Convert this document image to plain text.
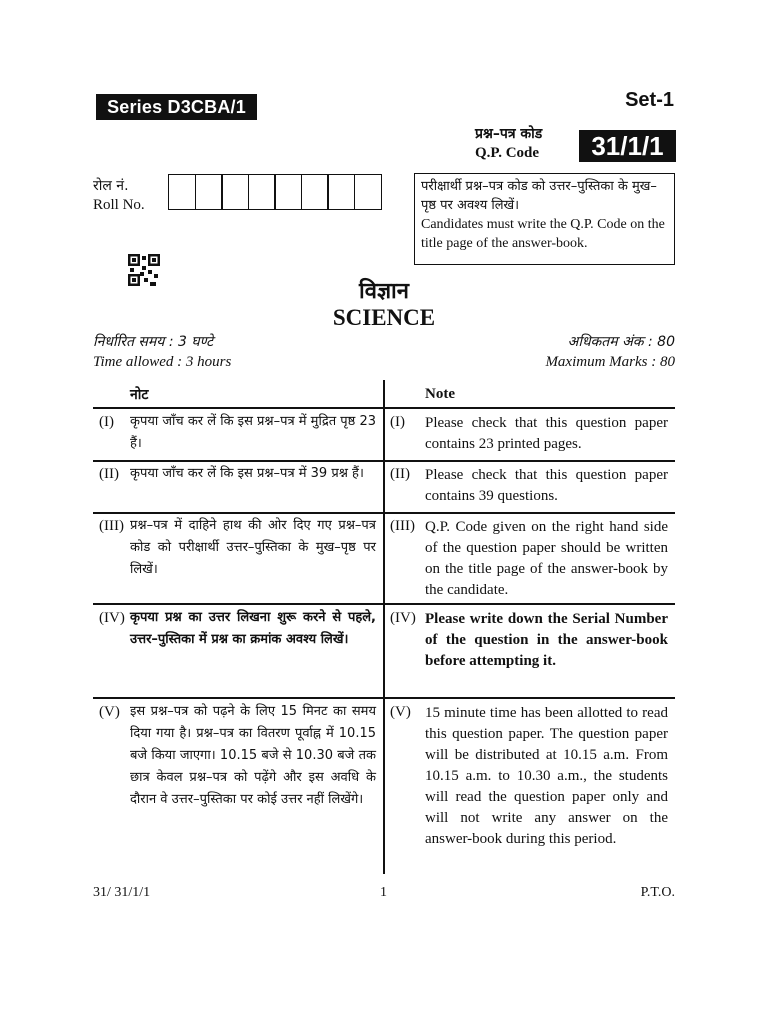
Series D3CBA/1	Set-1
प्रश्न–पत्र कोड
Q.P. Code	31/1/1
रोल नं.
Roll No.
परीक्षार्थी प्रश्न–पत्र कोड को उत्तर–पुस्तिका के मुख–पृष्ठ पर अवश्य लिखें।
Candidates must write the Q.P. Code on the title page of the answer-book.
विज्ञान
SCIENCE
निर्धारित समय : 3 घण्टे
Time allowed : 3 hours
अधिकतम अंक : 80
Maximum Marks : 80
नोट	Note
(I) कृपया जाँच कर लें कि इस प्रश्न–पत्र में मुद्रित पृष्ठ 23 हैं।
(I) Please check that this question paper contains 23 printed pages.
(II) कृपया जाँच कर लें कि इस प्रश्न–पत्र में 39 प्रश्न हैं।	(II) Please check that this question paper contains 39 questions.
(III) प्रश्न–पत्र में दाहिने हाथ की ओर दिए गए प्रश्न–पत्र कोड को परीक्षार्थी उत्तर–पुस्तिका के मुख–पृष्ठ पर लिखें।
(III) Q.P. Code given on the right hand side of the question paper should be written on the title page of the answer-book by the candidate.
(IV) कृपया प्रश्न का उत्तर लिखना शुरू करने से पहले, उत्तर–पुस्तिका में प्रश्न का क्रमांक अवश्य लिखें।
(IV) Please write down the Serial Number of the question in the answer-book before attempting it.
(V) इस प्रश्न–पत्र को पढ़ने के लिए 15 मिनट का समय दिया गया है। प्रश्न–पत्र का वितरण पूर्वाह्न में 10.15 बजे किया जाएगा। 10.15 बजे से 10.30 बजे तक छात्र केवल प्रश्न–पत्र को पढ़ेंगे और इस अवधि के दौरान वे उत्तर–पुस्तिका पर कोई उत्तर नहीं लिखेंगे।
(V) 15 minute time has been allotted to read this question paper. The question paper will be distributed at 10.15 a.m. From 10.15 a.m. to 10.30 a.m., the students will read the question paper only and will not write any answer on the answer-book during this period.
31/ 31/1/1	1	P.T.O.
